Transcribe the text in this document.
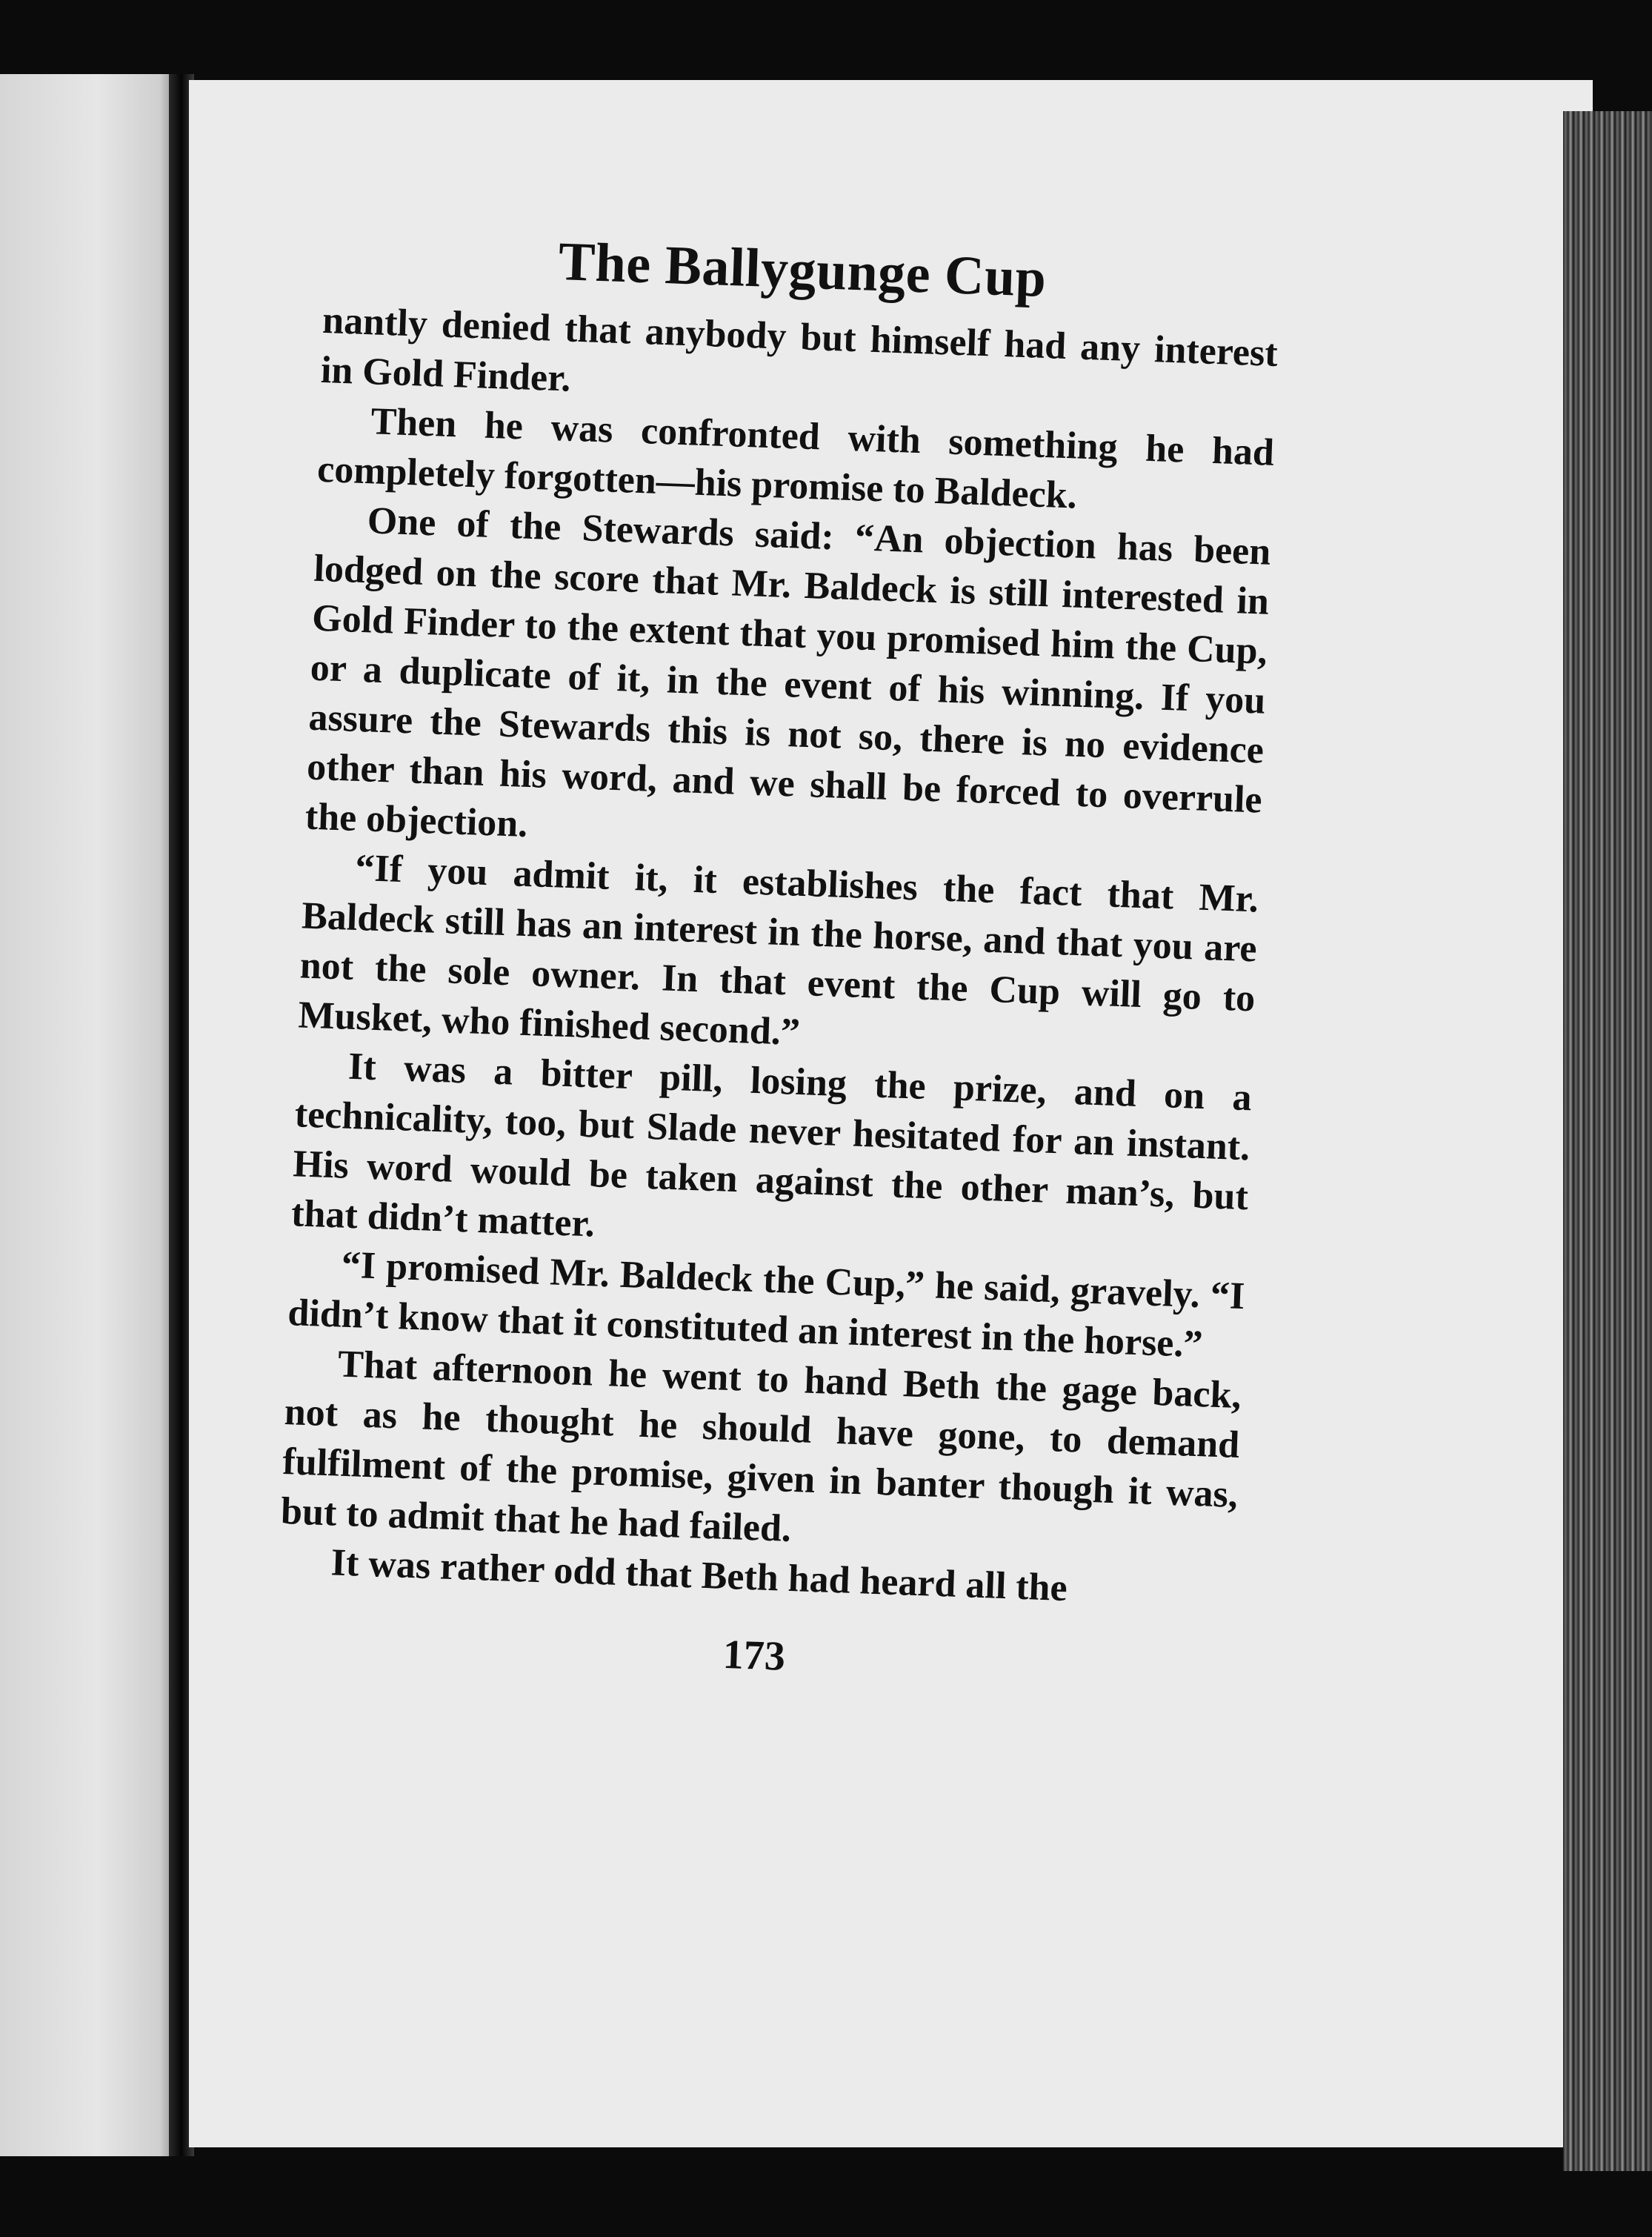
The Ballygunge Cup

nantly denied that anybody but himself had any interest in Gold Finder.

Then he was confronted with something he had completely forgotten—his promise to Baldeck.

One of the Stewards said: “An objection has been lodged on the score that Mr. Baldeck is still interested in Gold Finder to the extent that you promised him the Cup, or a duplicate of it, in the event of his winning. If you assure the Stewards this is not so, there is no evidence other than his word, and we shall be forced to overrule the objection.

“If you admit it, it establishes the fact that Mr. Baldeck still has an interest in the horse, and that you are not the sole owner. In that event the Cup will go to Musket, who finished second.”

It was a bitter pill, losing the prize, and on a technicality, too, but Slade never hesitated for an instant. His word would be taken against the other man’s, but that didn’t matter.

“I promised Mr. Baldeck the Cup,” he said, gravely. “I didn’t know that it constituted an interest in the horse.”

That afternoon he went to hand Beth the gage back, not as he thought he should have gone, to demand fulfilment of the promise, given in banter though it was, but to admit that he had failed.

It was rather odd that Beth had heard all the

173
